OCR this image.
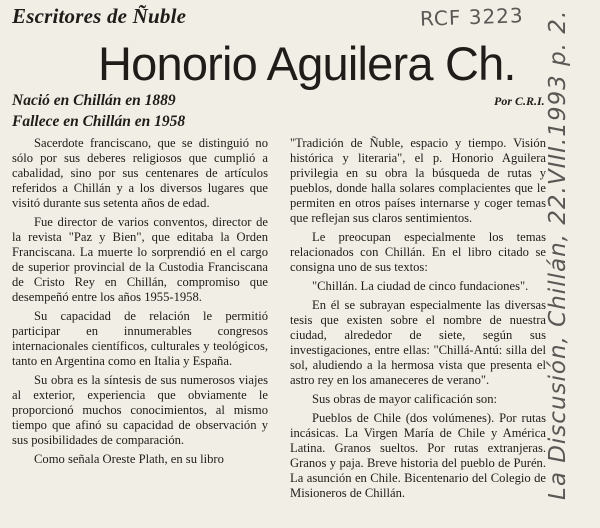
Escritores de Ñuble	RCF 3223
Honorio Aguilera Ch.
Nació en Chillán en 1889
Fallece en Chillán en 1958
Por C.R.I.

Sacerdote franciscano, que se distinguió no sólo por sus deberes religiosos que cumplió a cabalidad, sino por sus centenares de artículos referidos a Chillán y a los diversos lugares que visitó durante sus setenta años de edad.

Fue director de varios conventos, director de la revista "Paz y Bien", que editaba la Orden Franciscana. La muerte lo sorprendió en el cargo de superior provincial de la Custodia Franciscana de Cristo Rey en Chillán, compromiso que desempeñó entre los años 1955-1958.

Su capacidad de relación le permitió participar en innumerables congresos internacionales científicos, culturales y teológicos, tanto en Argentina como en Italia y España.

Su obra es la síntesis de sus numerosos viajes al exterior, experiencia que obviamente le proporcionó muchos conocimientos, al mismo tiempo que afinó su capacidad de observación y sus posibilidades de comparación.

Como señala Oreste Plath, en su libro

"Tradición de Ñuble, espacio y tiempo. Visión histórica y literaria", el p. Honorio Aguilera privilegia en su obra la búsqueda de rutas y pueblos, donde halla solares complacientes que le permiten en otros países internarse y coger temas que reflejan sus claros sentimientos.

Le preocupan especialmente los temas relacionados con Chillán. En el libro citado se consigna uno de sus textos:

"Chillán. La ciudad de cinco fundaciones".

En él se subrayan especialmente las diversas tesis que existen sobre el nombre de nuestra ciudad, alrededor de siete, según sus investigaciones, entre ellas: "Chillá-Antú: silla del sol, aludiendo a la hermosa vista que presenta el astro rey en los amaneceres de verano".

Sus obras de mayor calificación son:

Pueblos de Chile (dos volúmenes). Por rutas incásicas. La Virgen María de Chile y América Latina. Granos sueltos. Por rutas extranjeras. Granos y paja. Breve historia del pueblo de Purén. La asunción en Chile. Bicentenario del Colegio de Misioneros de Chillán.	La Discusión, Chillán, 22.VIII.1993 p. 2.
